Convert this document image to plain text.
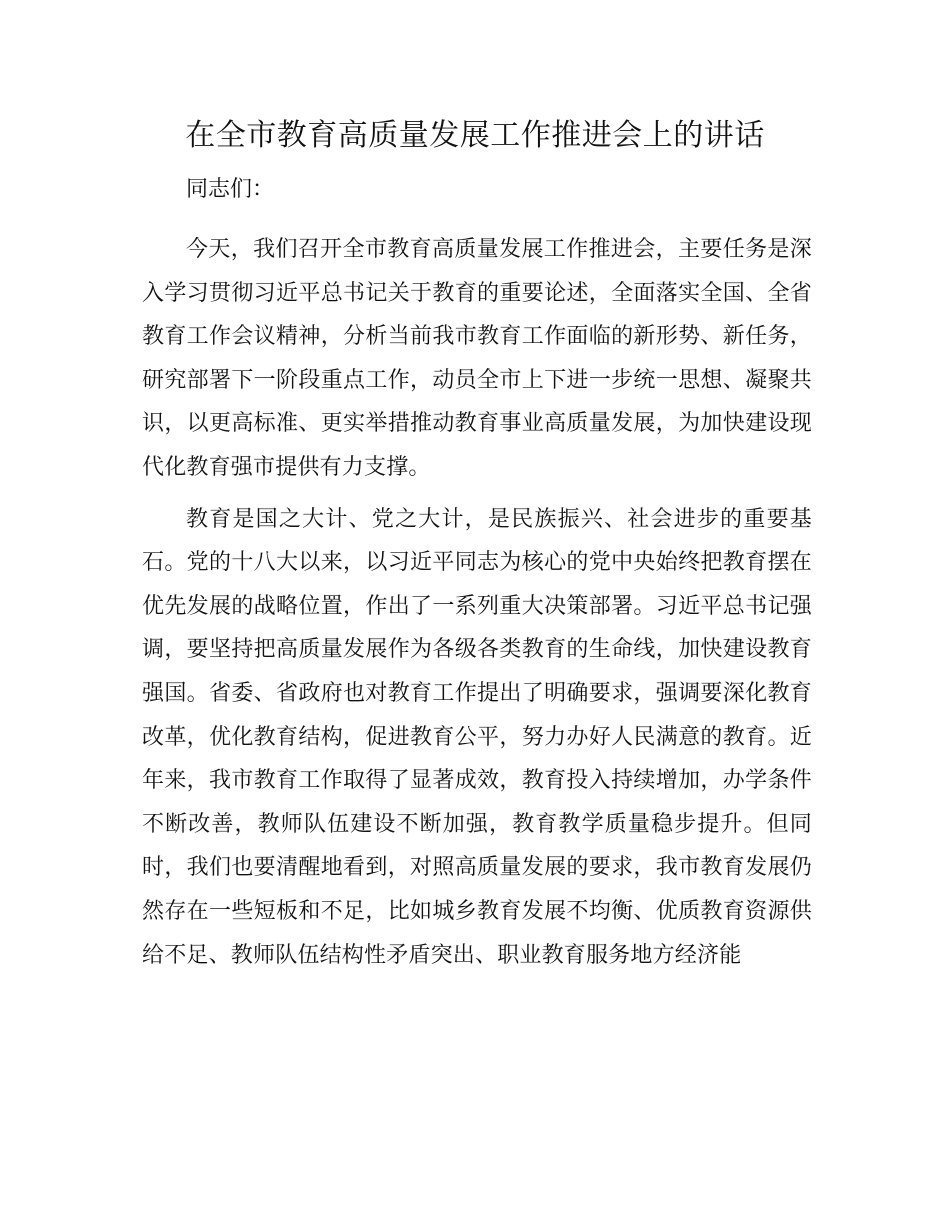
在全市教育高质量发展工作推进会上的讲话

同志们：

今天，我们召开全市教育高质量发展工作推进会，主要任务是深入学习贯彻习近平总书记关于教育的重要论述，全面落实全国、全省教育工作会议精神，分析当前我市教育工作面临的新形势、新任务，研究部署下一阶段重点工作，动员全市上下进一步统一思想、凝聚共识，以更高标准、更实举措推动教育事业高质量发展，为加快建设现代化教育强市提供有力支撑。

教育是国之大计、党之大计，是民族振兴、社会进步的重要基石。党的十八大以来，以习近平同志为核心的党中央始终把教育摆在优先发展的战略位置，作出了一系列重大决策部署。习近平总书记强调，要坚持把高质量发展作为各级各类教育的生命线，加快建设教育强国。省委、省政府也对教育工作提出了明确要求，强调要深化教育改革，优化教育结构，促进教育公平，努力办好人民满意的教育。近年来，我市教育工作取得了显著成效，教育投入持续增加，办学条件不断改善，教师队伍建设不断加强，教育教学质量稳步提升。但同时，我们也要清醒地看到，对照高质量发展的要求，我市教育发展仍然存在一些短板和不足，比如城乡教育发展不均衡、优质教育资源供给不足、教师队伍结构性矛盾突出、职业教育服务地方经济能
